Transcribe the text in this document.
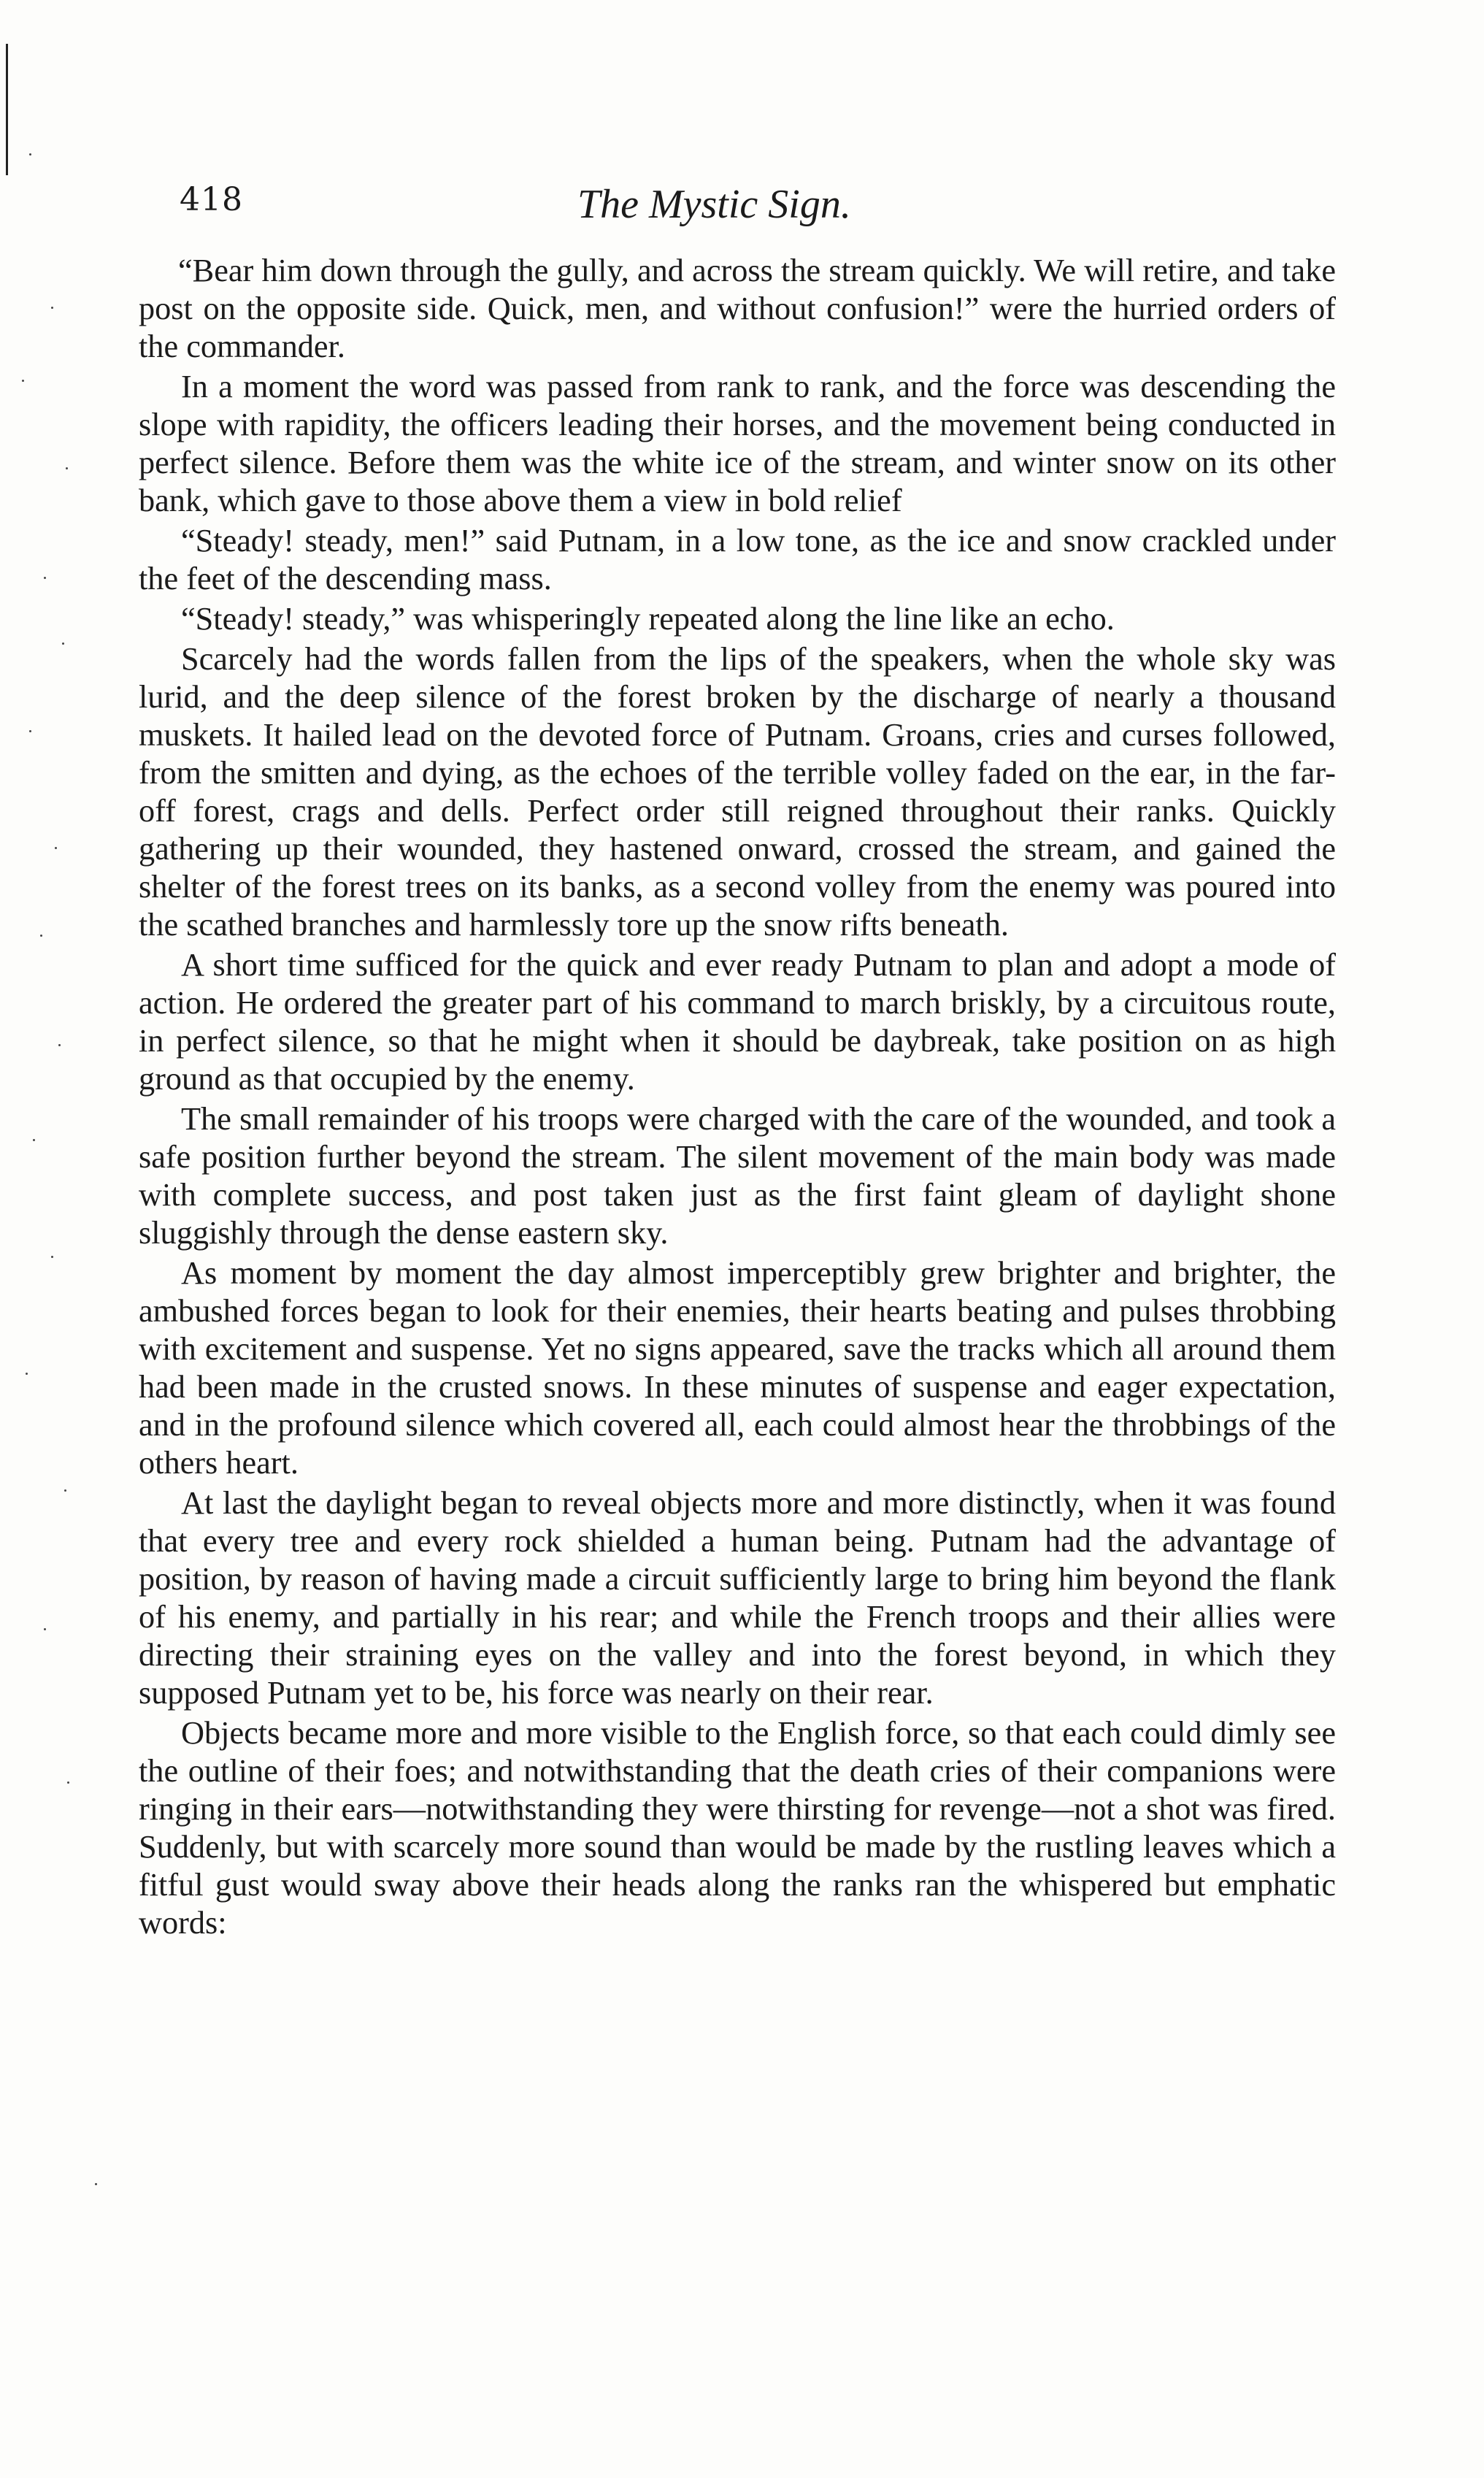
418	The Mystic Sign.

“Bear him down through the gully, and across the stream quickly. We will retire, and take post on the opposite side. Quick, men, and without confusion!” were the hurried orders of the commander.

In a moment the word was passed from rank to rank, and the force was descending the slope with rapidity, the officers leading their horses, and the movement being conducted in perfect silence. Before them was the white ice of the stream, and winter snow on its other bank, which gave to those above them a view in bold relief

“Steady! steady, men!” said Putnam, in a low tone, as the ice and snow crackled under the feet of the descending mass.

“Steady! steady,” was whisperingly repeated along the line like an echo.

Scarcely had the words fallen from the lips of the speakers, when the whole sky was lurid, and the deep silence of the forest broken by the discharge of nearly a thousand muskets. It hailed lead on the devoted force of Putnam. Groans, cries and curses followed, from the smitten and dying, as the echoes of the terrible volley faded on the ear, in the far-off forest, crags and dells. Perfect order still reigned throughout their ranks. Quickly gathering up their wounded, they hastened onward, crossed the stream, and gained the shelter of the forest trees on its banks, as a second volley from the enemy was poured into the scathed branches and harmlessly tore up the snow rifts beneath.

A short time sufficed for the quick and ever ready Putnam to plan and adopt a mode of action. He ordered the greater part of his command to march briskly, by a circuitous route, in perfect silence, so that he might when it should be daybreak, take position on as high ground as that occupied by the enemy.

The small remainder of his troops were charged with the care of the wounded, and took a safe position further beyond the stream. The silent movement of the main body was made with complete success, and post taken just as the first faint gleam of daylight shone sluggishly through the dense eastern sky.

As moment by moment the day almost imperceptibly grew brighter and brighter, the ambushed forces began to look for their enemies, their hearts beating and pulses throbbing with excitement and suspense. Yet no signs appeared, save the tracks which all around them had been made in the crusted snows. In these minutes of suspense and eager expectation, and in the profound silence which covered all, each could almost hear the throbbings of the others heart.

At last the daylight began to reveal objects more and more distinctly, when it was found that every tree and every rock shielded a human being. Putnam had the advantage of position, by reason of having made a circuit sufficiently large to bring him beyond the flank of his enemy, and partially in his rear; and while the French troops and their allies were directing their straining eyes on the valley and into the forest beyond, in which they supposed Putnam yet to be, his force was nearly on their rear.

Objects became more and more visible to the English force, so that each could dimly see the outline of their foes; and notwithstanding that the death cries of their companions were ringing in their ears—notwithstanding they were thirsting for revenge—not a shot was fired. Suddenly, but with scarcely more sound than would be made by the rustling leaves which a fitful gust would sway above their heads along the ranks ran the whispered but emphatic words:
